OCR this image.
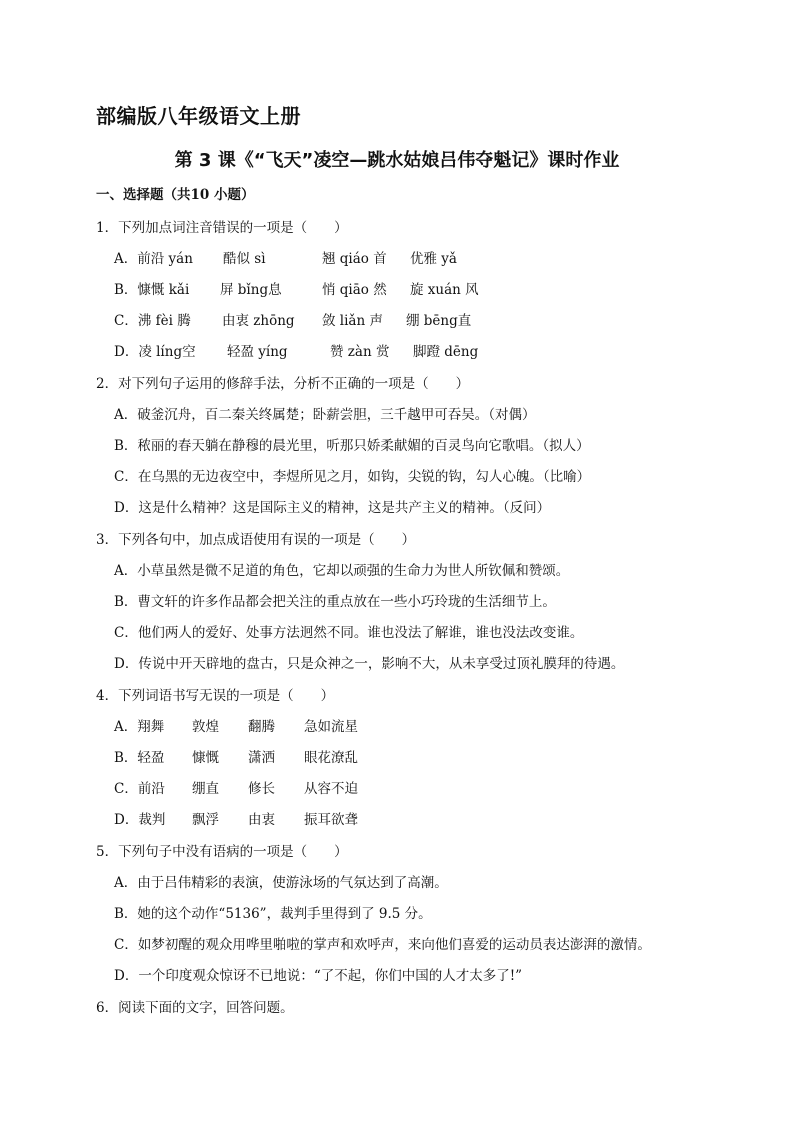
部编版八年级语文上册
第 3 课《“飞天”凌空—跳水姑娘吕伟夺魁记》课时作业
一、选择题（共10 小题）
1．下列加点词注音错误的一项是（　　）
A．前沿 yán 酷似 sì	翘 qiáo 首 优雅 yǎ
B．慷慨 kǎi 屏 bǐng息	悄 qiāo 然 旋 xuán 风
C．沸 fèi 腾 由衷 zhōng 敛 liǎn 声 绷 bēng直
D．凌 líng空 轻盈 yíng	赞 zàn 赏 脚蹬 dēng
2．对下列句子运用的修辞手法，分析不正确的一项是（　　）
A．破釜沉舟，百二秦关终属楚；卧薪尝胆，三千越甲可吞吴。（对偶）
B．秾丽的春天躺在静穆的晨光里，听那只娇柔献媚的百灵鸟向它歌唱。（拟人）
C．在乌黑的无边夜空中，李煜所见之月，如钩，尖锐的钩，勾人心魄。（比喻）
D．这是什么精神？这是国际主义的精神，这是共产主义的精神。（反问）
3．下列各句中，加点成语使用有误的一项是（　　）
A．小草虽然是微不足道的角色，它却以顽强的生命力为世人所钦佩和赞颂。
B．曹文轩的许多作品都会把关注的重点放在一些小巧玲珑的生活细节上。
C．他们两人的爱好、处事方法迥然不同。谁也没法了解谁，谁也没法改变谁。
D．传说中开天辟地的盘古，只是众神之一，影响不大，从未享受过顶礼膜拜的待遇。
4．下列词语书写无误的一项是（　　）
A．翔舞 敦煌 翻腾 急如流星
B．轻盈 慷慨 潇洒 眼花潦乱
C．前沿 绷直 修长 从容不迫
D．裁判 飘浮 由衷 振耳欲聋
5．下列句子中没有语病的一项是（　　）
A．由于吕伟精彩的表演，使游泳场的气氛达到了高潮。
B．她的这个动作“5136”，裁判手里得到了 9.5 分。
C．如梦初醒的观众用哗里啪啦的掌声和欢呼声，来向他们喜爱的运动员表达澎湃的激情。
D．一个印度观众惊讶不已地说：“了不起，你们中国的人才太多了!”
6．阅读下面的文字，回答问题。
